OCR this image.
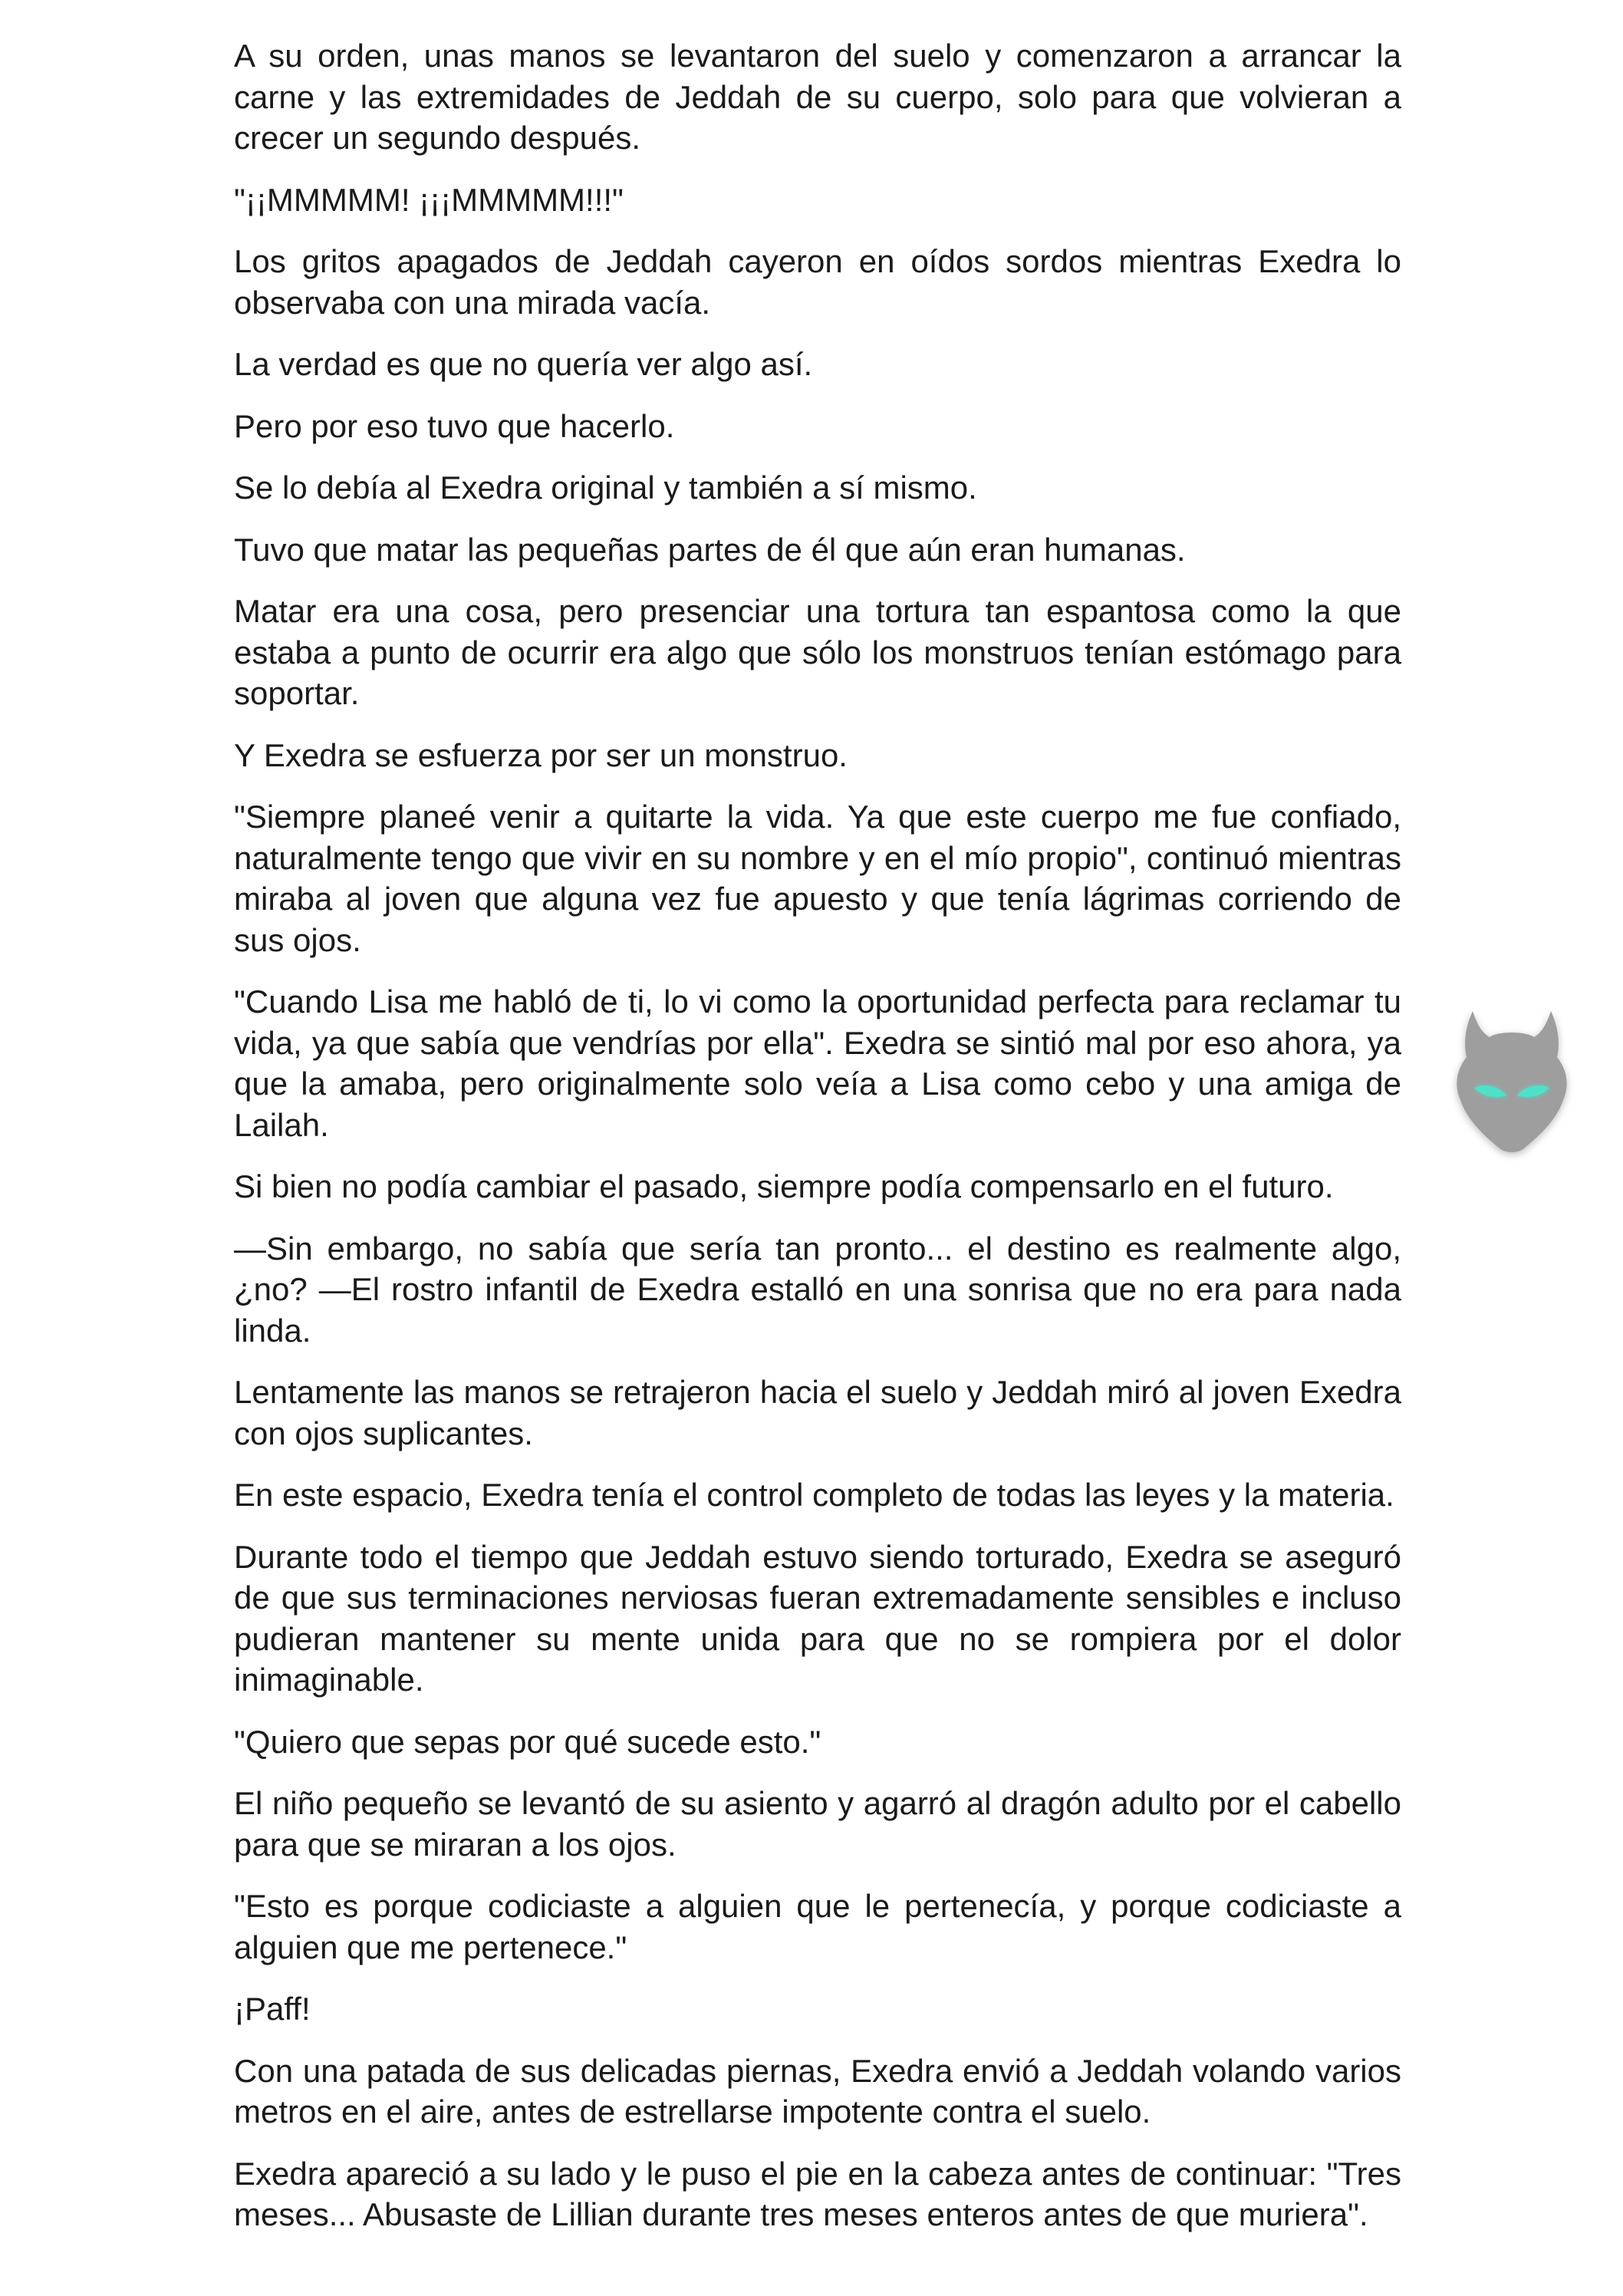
A su orden, unas manos se levantaron del suelo y comenzaron a arrancar la carne y las extremidades de Jeddah de su cuerpo, solo para que volvieran a crecer un segundo después.

"¡¡MMMMM! ¡¡¡MMMMM!!!"

Los gritos apagados de Jeddah cayeron en oídos sordos mientras Exedra lo observaba con una mirada vacía.

La verdad es que no quería ver algo así.

Pero por eso tuvo que hacerlo.

Se lo debía al Exedra original y también a sí mismo.

Tuvo que matar las pequeñas partes de él que aún eran humanas.

Matar era una cosa, pero presenciar una tortura tan espantosa como la que estaba a punto de ocurrir era algo que sólo los monstruos tenían estómago para soportar.

Y Exedra se esfuerza por ser un monstruo.

"Siempre planeé venir a quitarte la vida. Ya que este cuerpo me fue confiado, naturalmente tengo que vivir en su nombre y en el mío propio", continuó mientras miraba al joven que alguna vez fue apuesto y que tenía lágrimas corriendo de sus ojos.

"Cuando Lisa me habló de ti, lo vi como la oportunidad perfecta para reclamar tu vida, ya que sabía que vendrías por ella". Exedra se sintió mal por eso ahora, ya que la amaba, pero originalmente solo veía a Lisa como cebo y una amiga de Lailah.

Si bien no podía cambiar el pasado, siempre podía compensarlo en el futuro.

—Sin embargo, no sabía que sería tan pronto... el destino es realmente algo, ¿no? —El rostro infantil de Exedra estalló en una sonrisa que no era para nada linda.

Lentamente las manos se retrajeron hacia el suelo y Jeddah miró al joven Exedra con ojos suplicantes.

En este espacio, Exedra tenía el control completo de todas las leyes y la materia.

Durante todo el tiempo que Jeddah estuvo siendo torturado, Exedra se aseguró de que sus terminaciones nerviosas fueran extremadamente sensibles e incluso pudieran mantener su mente unida para que no se rompiera por el dolor inimaginable.

"Quiero que sepas por qué sucede esto."

El niño pequeño se levantó de su asiento y agarró al dragón adulto por el cabello para que se miraran a los ojos.

"Esto es porque codiciaste a alguien que le pertenecía, y porque codiciaste a alguien que me pertenece."

¡Paff!

Con una patada de sus delicadas piernas, Exedra envió a Jeddah volando varios metros en el aire, antes de estrellarse impotente contra el suelo.

Exedra apareció a su lado y le puso el pie en la cabeza antes de continuar: "Tres meses... Abusaste de Lillian durante tres meses enteros antes de que muriera".
